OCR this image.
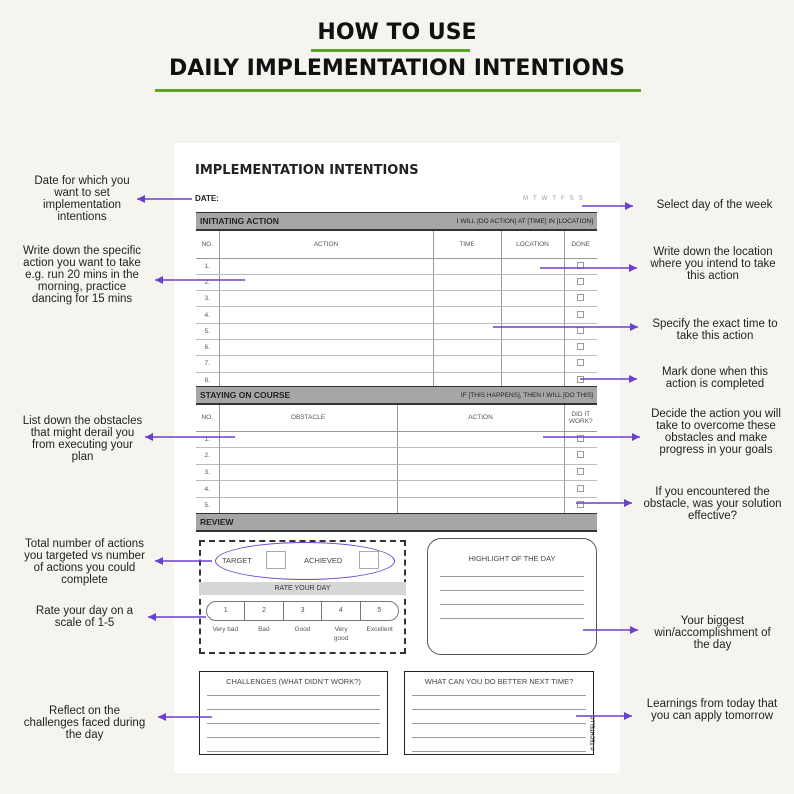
HOW TO USE
DAILY IMPLEMENTATION INTENTIONS
IMPLEMENTATION INTENTIONS
DATE:	M T W T F S S
INITIATING ACTION	I WILL [DO ACTION] AT [TIME] IN [LOCATION]
NO.	ACTION	TIME	LOCATION	DONE
1.				
2.				
3.				
4.				
5.				
6.				
7.				
8.				
STAYING ON COURSE	IF [THIS HAPPENS], THEN I WILL [DO THIS]
NO.	OBSTACLE	ACTION	DID IT WORK?
1.			
2.			
3.			
4.			
5.			
REVIEW
TARGET	ACHIEVED
RATE YOUR DAY
1	2	3	4	5
Very bad	Bad	Good	Very good
Excellent
HIGHLIGHT OF THE DAY
CHALLENGES (WHAT DIDN'T WORK?)	WHAT CAN YOU DO BETTER NEXT TIME?
© TECHTELLO
Date for which you want to set implementation intentions
Select day of the week
Write down the specific action you want to take e.g. run 20 mins in the morning, practice dancing for 15 mins
Write down the location where you intend to take this action
Specify the exact time to take this action
Mark done when this action is completed
List down the obstacles that might derail you from executing your plan
Decide the action you will take to overcome these obstacles and make progress in your goals
If you encountered the obstacle, was your solution effective?
Total number of actions you targeted vs number of actions you could complete
Rate your day on a scale of 1-5	Your biggest win/accomplishment of the day
Reflect on the challenges faced during the day
Learnings from today that you can apply tomorrow
